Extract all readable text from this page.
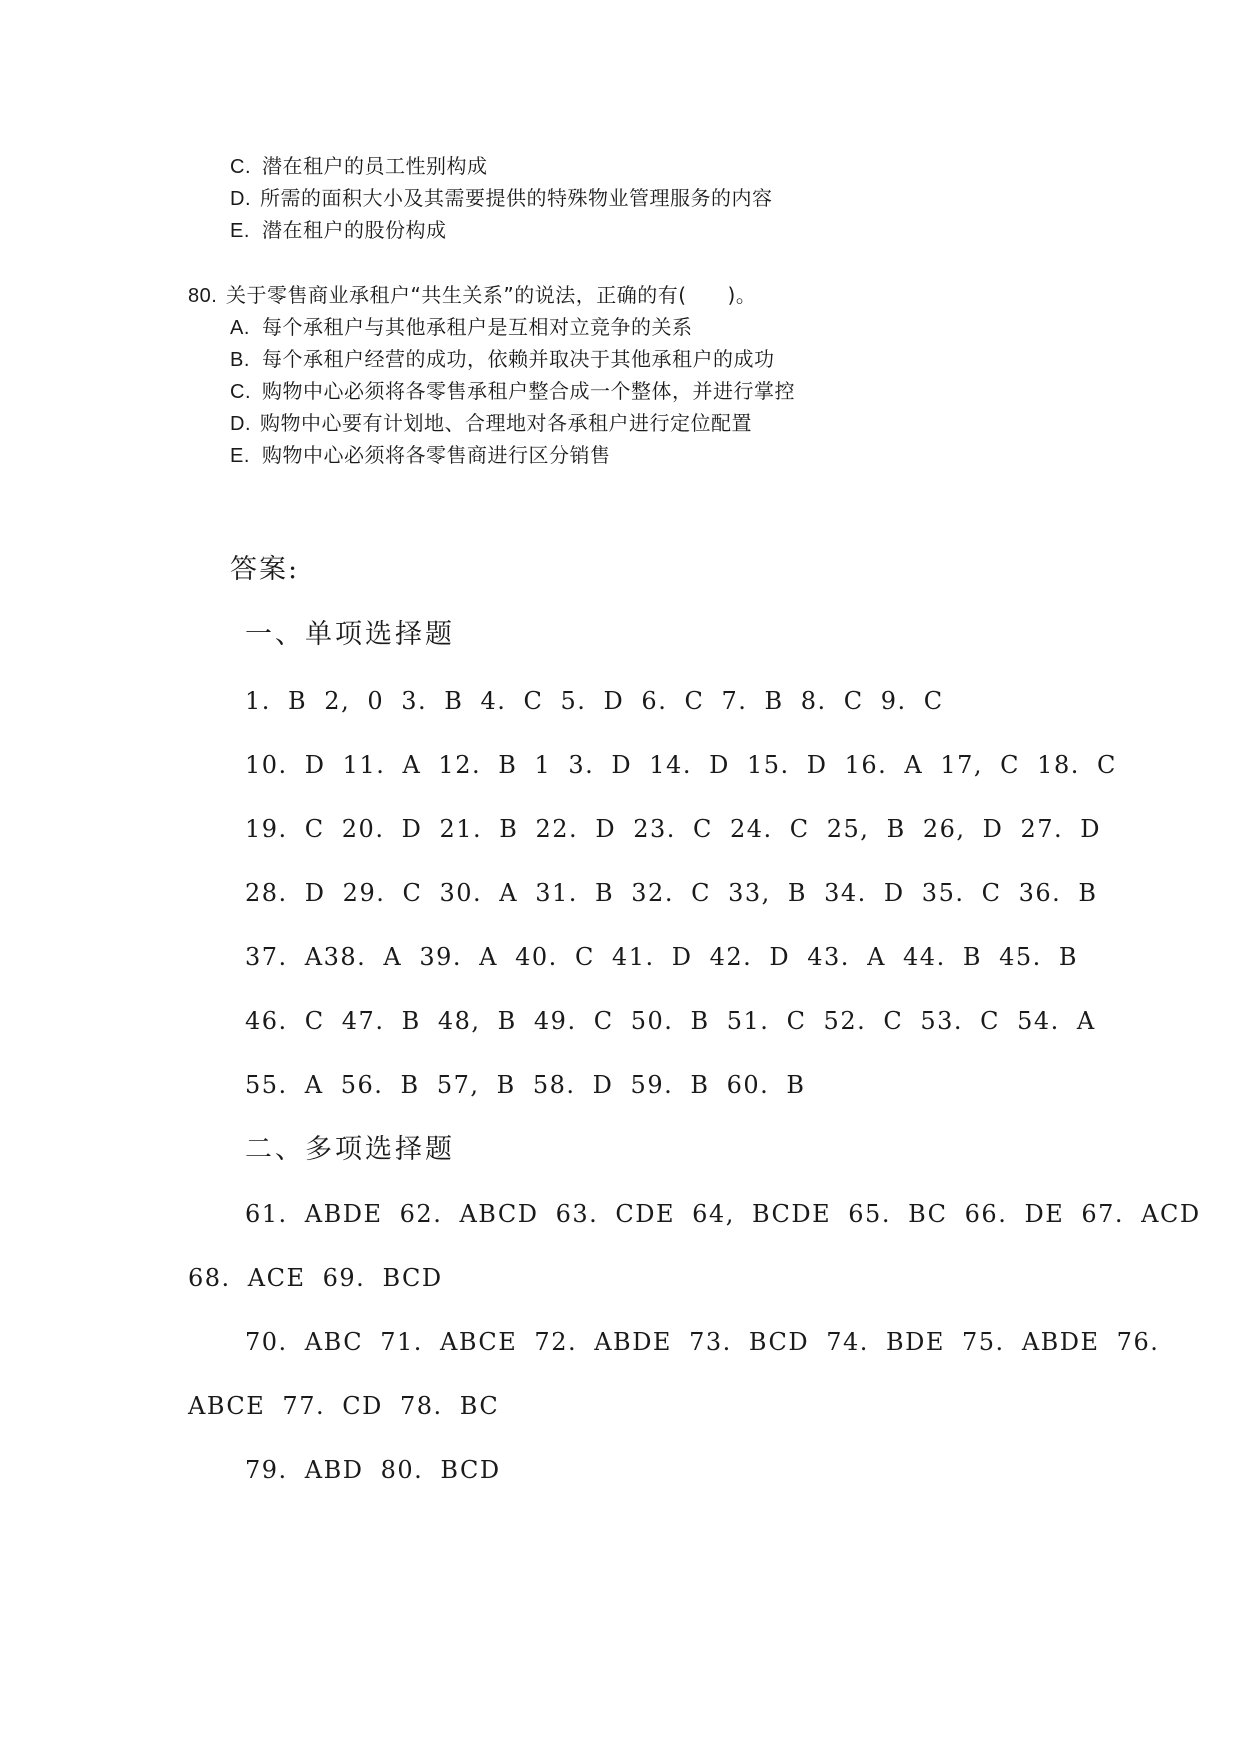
C. 潜在租户的员工性别构成
D. 所需的面积大小及其需要提供的特殊物业管理服务的内容
E. 潜在租户的股份构成
80. 关于零售商业承租户“共生关系”的说法，正确的有(　　)。
A. 每个承租户与其他承租户是互相对立竞争的关系
B. 每个承租户经营的成功，依赖并取决于其他承租户的成功
C. 购物中心必须将各零售承租户整合成一个整体，并进行掌控
D. 购物中心要有计划地、合理地对各承租户进行定位配置
E. 购物中心必须将各零售商进行区分销售
答案:
一、单项选择题
1. B 2, 0 3. B 4. C 5. D 6. C 7. B 8. C 9. C
10. D 11. A 12. B 1 3. D 14. D 15. D 16. A 17, C 18. C
19. C 20. D 21. B 22. D 23. C 24. C 25, B 26, D 27. D
28. D 29. C 30. A 31. B 32. C 33, B 34. D 35. C 36. B
37. A38. A 39. A 40. C 41. D 42. D 43. A 44. B 45. B
46. C 47. B 48, B 49. C 50. B 51. C 52. C 53. C 54. A
55. A 56. B 57, B 58. D 59. B 60. B
二、多项选择题
61. ABDE 62. ABCD 63. CDE 64, BCDE 65. BC 66. DE 67. ACD
68. ACE 69. BCD
70. ABC 71. ABCE 72. ABDE 73. BCD 74. BDE 75. ABDE 76.
ABCE 77. CD 78. BC
79. ABD 80. BCD
